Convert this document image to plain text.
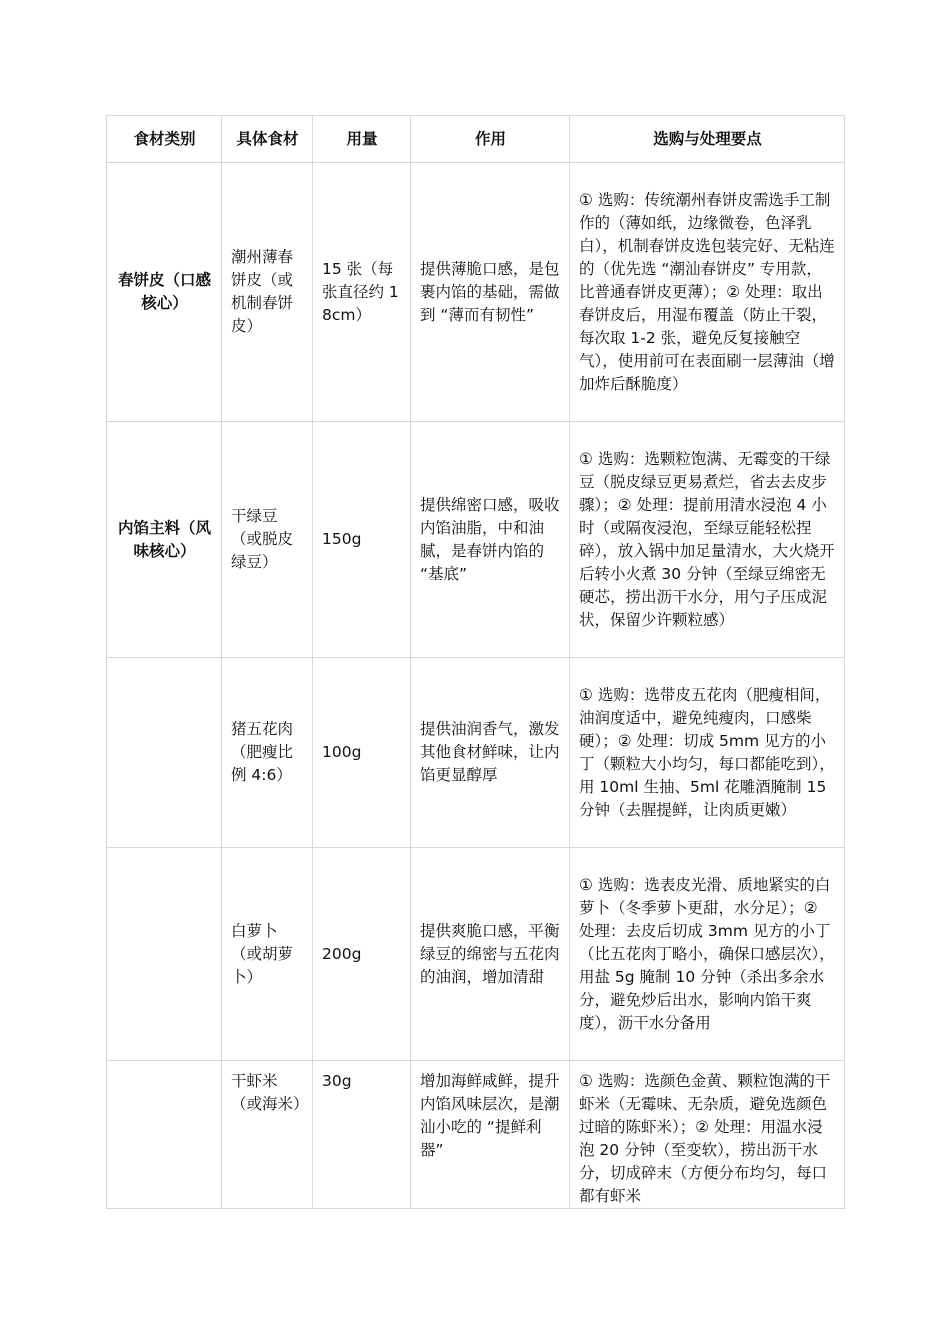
食材类别	具体食材	用量	作用	选购与处理要点
春饼皮（口感核心）	潮州薄春饼皮（或机制春饼皮）	15 张（每张直径约 18cm）	提供薄脆口感，是包裹内馅的基础，需做到 “薄而有韧性”	① 选购：传统潮州春饼皮需选手工制作的（薄如纸，边缘微卷，色泽乳白），机制春饼皮选包装完好、无粘连的（优先选 “潮汕春饼皮” 专用款，比普通春饼皮更薄）；② 处理：取出春饼皮后，用湿布覆盖（防止干裂，每次取 1-2 张，避免反复接触空气），使用前可在表面刷一层薄油（增加炸后酥脆度）
内馅主料（风味核心）	干绿豆（或脱皮绿豆）	150g	提供绵密口感，吸收内馅油脂，中和油腻，是春饼内馅的 “基底”	① 选购：选颗粒饱满、无霉变的干绿豆（脱皮绿豆更易煮烂，省去去皮步骤）；② 处理：提前用清水浸泡 4 小时（或隔夜浸泡，至绿豆能轻松捏碎），放入锅中加足量清水，大火烧开后转小火煮 30 分钟（至绿豆绵密无硬芯，捞出沥干水分，用勺子压成泥状，保留少许颗粒感）
	猪五花肉（肥瘦比例 4:6）	100g	提供油润香气，激发其他食材鲜味，让内馅更显醇厚	① 选购：选带皮五花肉（肥瘦相间，油润度适中，避免纯瘦肉，口感柴硬）；② 处理：切成 5mm 见方的小丁（颗粒大小均匀，每口都能吃到），用 10ml 生抽、5ml 花雕酒腌制 15 分钟（去腥提鲜，让肉质更嫩）
	白萝卜（或胡萝卜）	200g	提供爽脆口感，平衡绿豆的绵密与五花肉的油润，增加清甜	① 选购：选表皮光滑、质地紧实的白萝卜（冬季萝卜更甜，水分足）；② 处理：去皮后切成 3mm 见方的小丁（比五花肉丁略小，确保口感层次），用盐 5g 腌制 10 分钟（杀出多余水分，避免炒后出水，影响内馅干爽度），沥干水分备用
	干虾米（或海米）	30g	增加海鲜咸鲜，提升内馅风味层次，是潮汕小吃的 “提鲜利器”	① 选购：选颜色金黄、颗粒饱满的干虾米（无霉味、无杂质，避免选颜色过暗的陈虾米）；② 处理：用温水浸泡 20 分钟（至变软），捞出沥干水分，切成碎末（方便分布均匀，每口都有虾米
